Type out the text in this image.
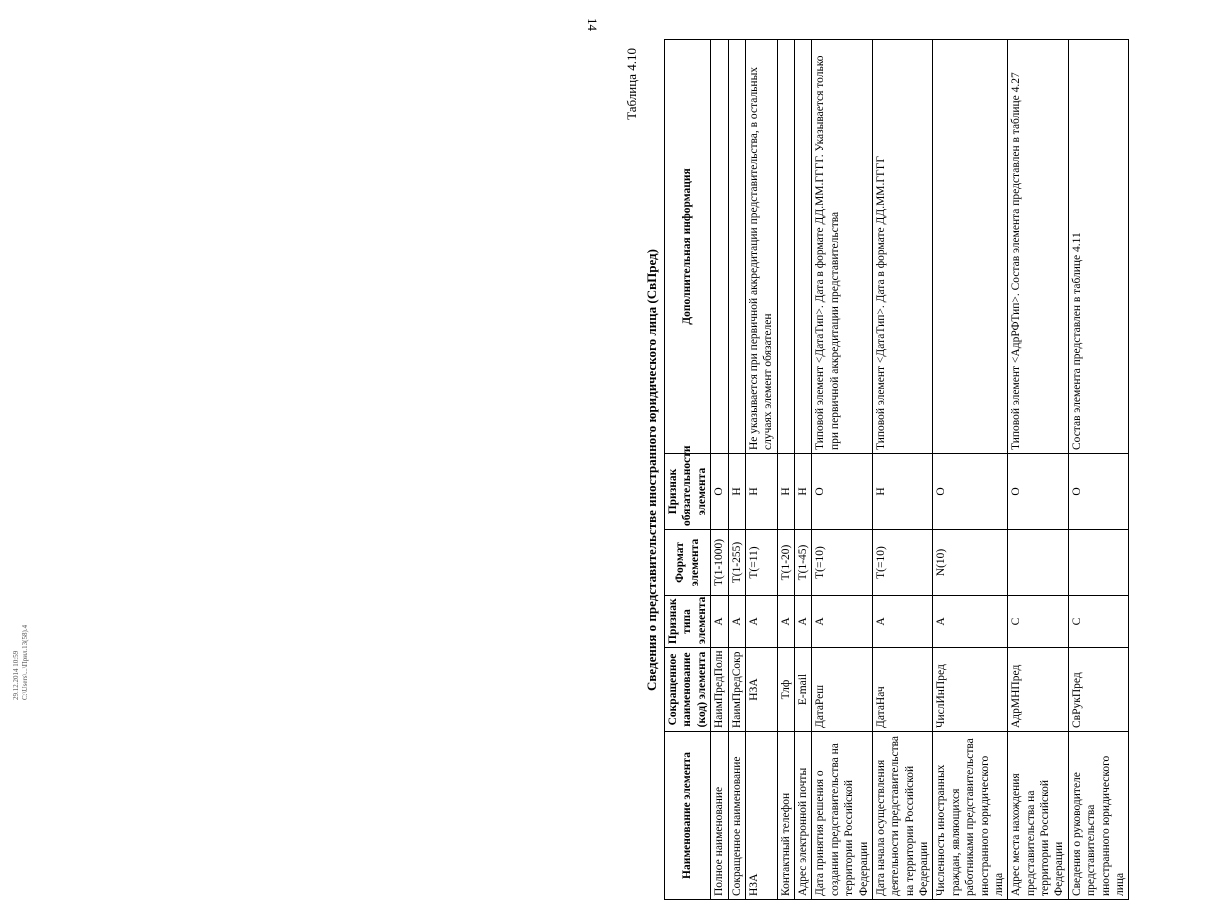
14
Таблица 4.10
Сведения о представительстве иностранного юридического лица (СвПред)
Наименование элемента	Сокращенное наименование (код) элемента	Признак типа элемента	Формат элемента	Признак обязательности элемента	Дополнительная информация
Полное наименование	НаимПредПолн	А	T(1-1000)	О	
Сокращенное наименование	НаимПредСокр	А	T(1-255)	Н	
НЗА	НЗА	А	T(=11)	Н	Не указывается при первичной аккредитации представительства, в остальных случаях элемент обязателен
Контактный телефон	Тлф	А	T(1-20)	Н	
Адрес электронной почты	E-mail	А	T(1-45)	Н	
Дата принятия решения о создании представительства на территории Российской Федерации	ДатаРеш	А	T(=10)	О	Типовой элемент <ДатаТип>. Дата в формате ДД.ММ.ГГГГ. Указывается только при первичной аккредитации представительства
Дата начала осуществления деятельности представительства на территории Российской Федерации	ДатаНач	А	T(=10)	Н	Типовой элемент <ДатаТип>. Дата в формате ДД.ММ.ГГГГ
Численность иностранных граждан, являющихся работниками представительства иностранного юридического лица	ЧислИнПред	А	N(10)	О	
Адрес места нахождения представительства на территории Российской Федерации	АдрМНПред	С		О	Типовой элемент <АдрРФТип>. Состав элемента представлен в таблице 4.27
Сведения о руководителе представительства иностранного юридического лица	СвРукПред	С		О	Состав элемента представлен в таблице 4.11
29.12.2014 10:59 C:\Users\...\Прил.13(58).4
